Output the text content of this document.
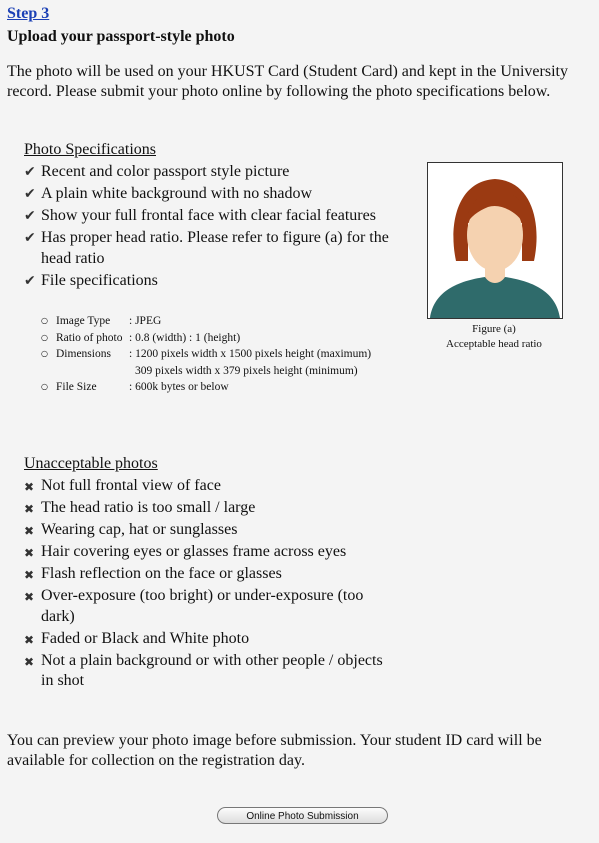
Step 3
Upload your passport-style photo
The photo will be used on your HKUST Card (Student Card) and kept in the University record. Please submit your photo online by following the photo specifications below.
Photo Specifications
✔ Recent and color passport style picture
✔ A plain white background with no shadow
✔ Show your full frontal face with clear facial features
✔ Has proper head ratio. Please refer to figure (a) for the head ratio
✔ File specifications
○ Image Type	: JPEG
○ Ratio of photo : 0.8 (width) : 1 (height)
○ Dimensions	: 1200 pixels width x 1500 pixels height (maximum)
309 pixels width x 379 pixels height (minimum)
○ File Size	: 600k bytes or below
Figure (a)
Acceptable head ratio
Unacceptable photos
✖ Not full frontal view of face
✖ The head ratio is too small / large
✖ Wearing cap, hat or sunglasses
✖ Hair covering eyes or glasses frame across eyes
✖ Flash reflection on the face or glasses
✖ Over-exposure (too bright) or under-exposure (too dark)
✖ Faded or Black and White photo
✖ Not a plain background or with other people / objects in shot
You can preview your photo image before submission. Your student ID card will be available for collection on the registration day.
Online Photo Submission
